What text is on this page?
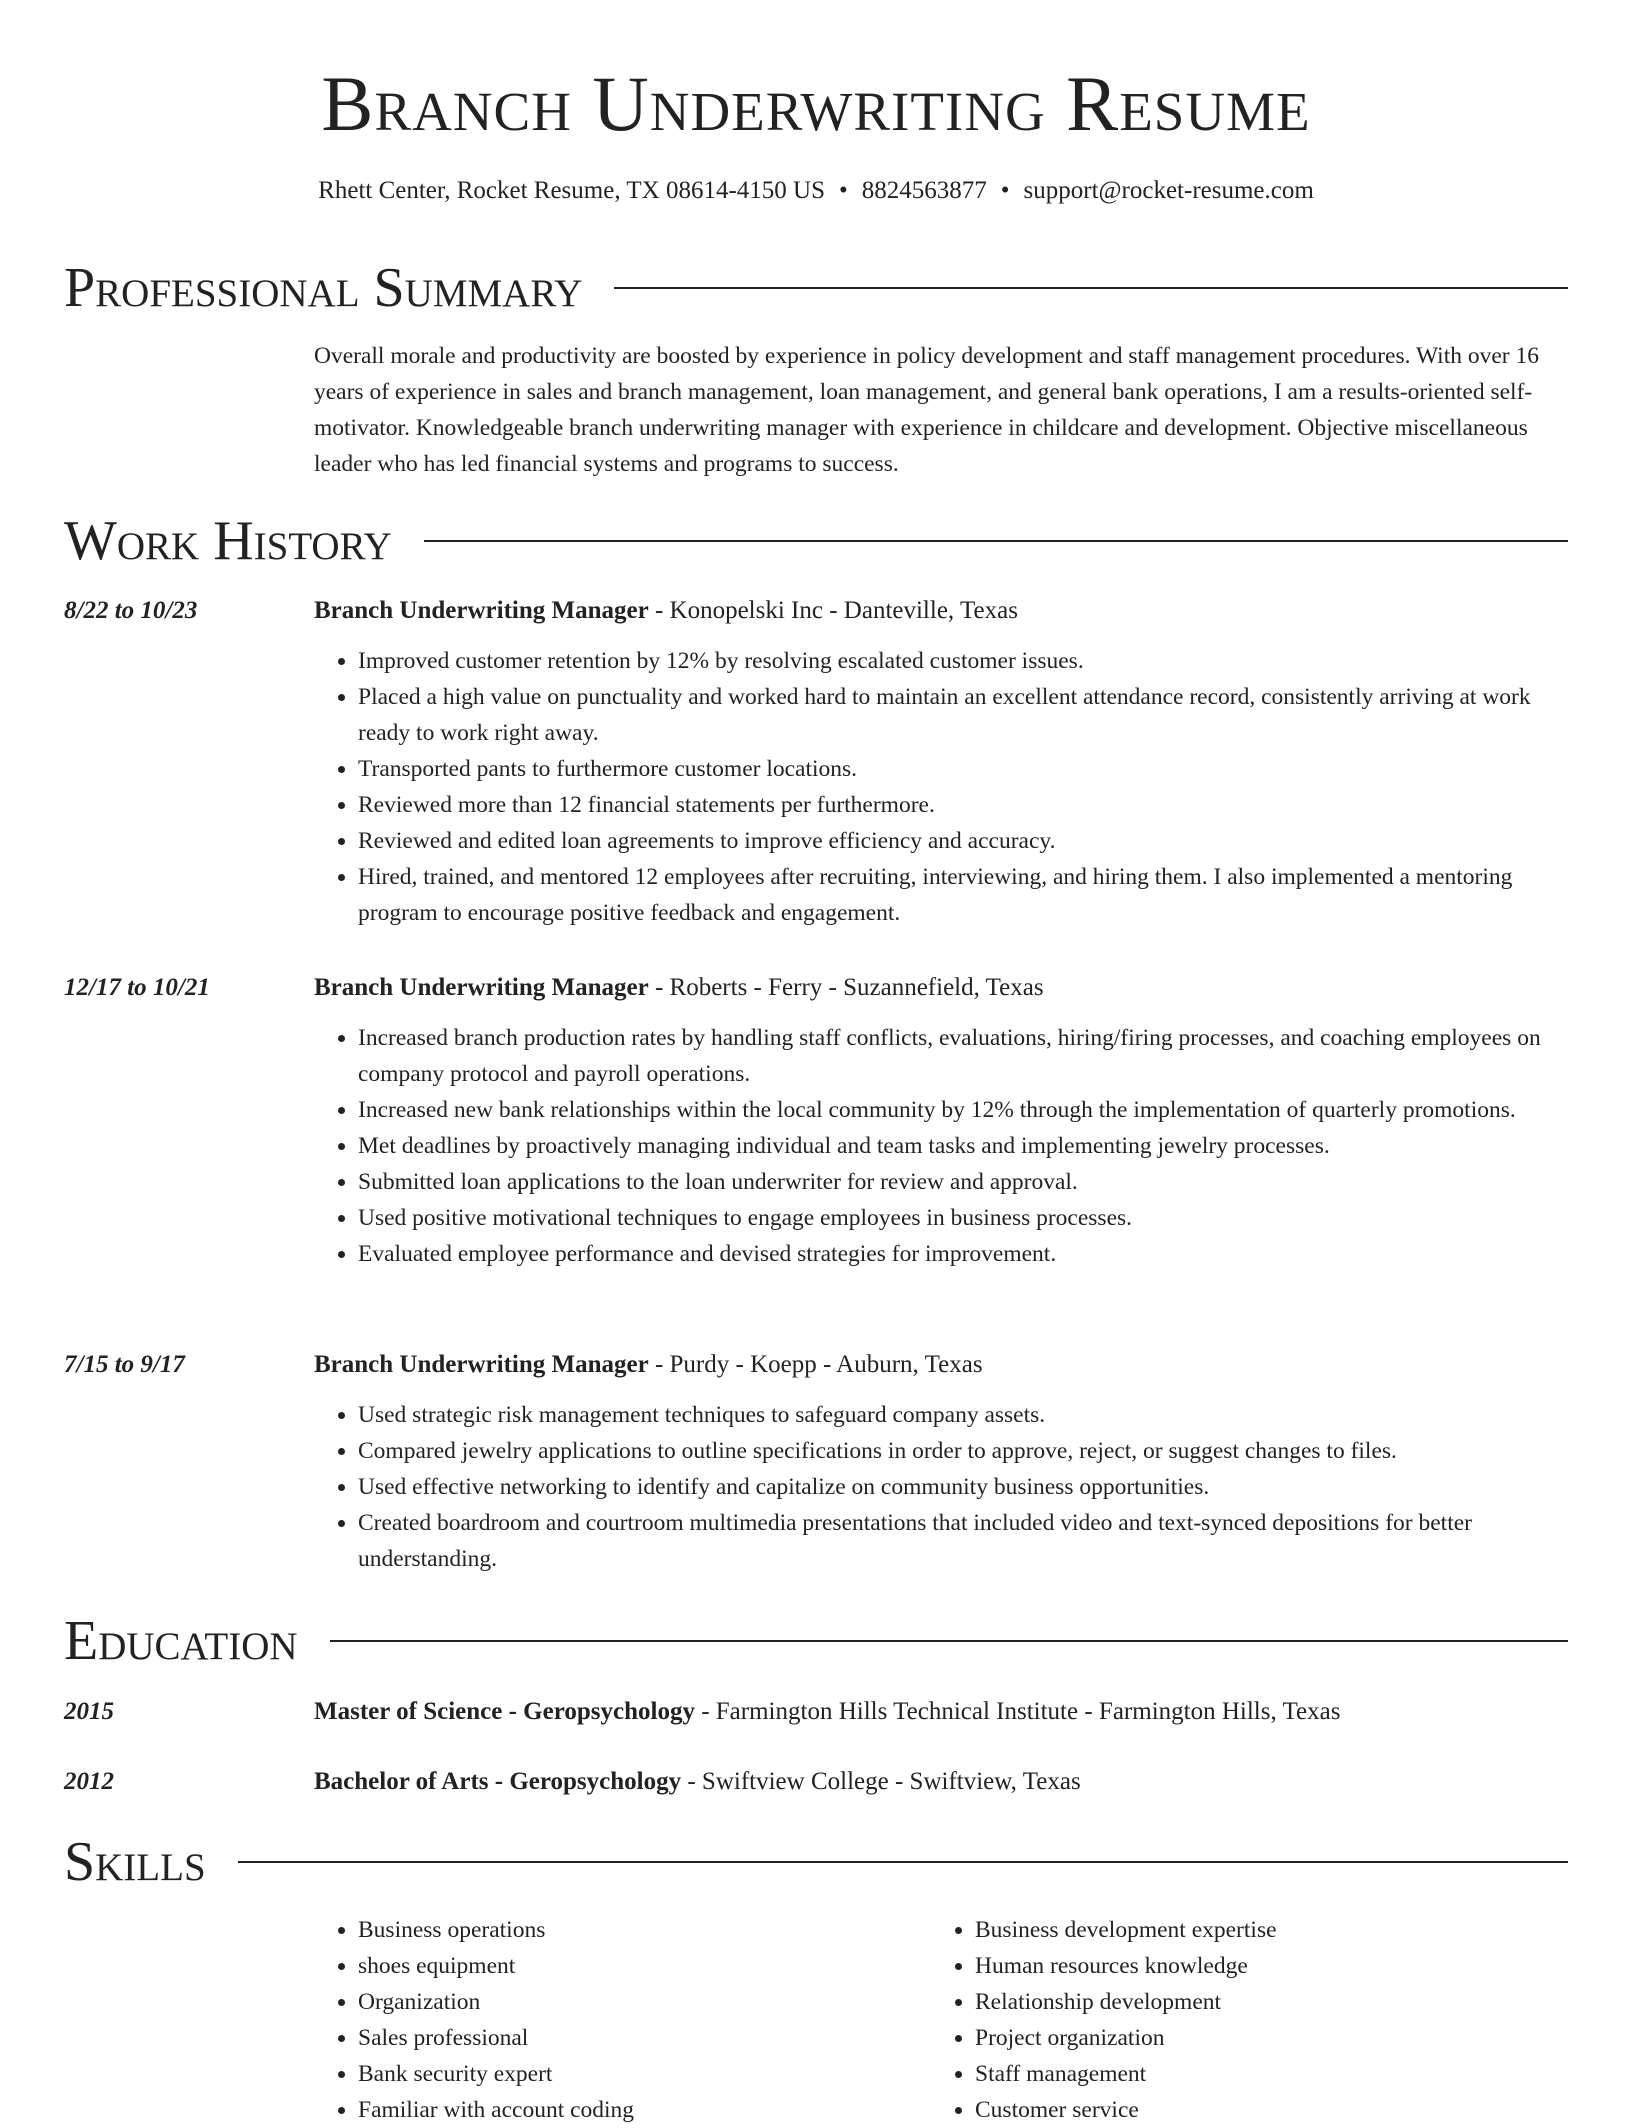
Branch Underwriting Resume
Rhett Center, Rocket Resume, TX 08614-4150 US • 8824563877 • support@rocket-resume.com
Professional Summary

Overall morale and productivity are boosted by experience in policy development and staff management procedures. With over 16 years of experience in sales and branch management, loan management, and general bank operations, I am a results-oriented self-motivator. Knowledgeable branch underwriting manager with experience in childcare and development. Objective miscellaneous leader who has led financial systems and programs to success.

Work History
8/22 to 10/23	Branch Underwriting Manager - Konopelski Inc - Danteville, Texas
• Improved customer retention by 12% by resolving escalated customer issues.
• Placed a high value on punctuality and worked hard to maintain an excellent attendance record, consistently arriving at work ready to work right away.
• Transported pants to furthermore customer locations.
• Reviewed more than 12 financial statements per furthermore.
• Reviewed and edited loan agreements to improve efficiency and accuracy.
• Hired, trained, and mentored 12 employees after recruiting, interviewing, and hiring them. I also implemented a mentoring program to encourage positive feedback and engagement.
12/17 to 10/21	Branch Underwriting Manager - Roberts - Ferry - Suzannefield, Texas
• Increased branch production rates by handling staff conflicts, evaluations, hiring/firing processes, and coaching employees on company protocol and payroll operations.
• Increased new bank relationships within the local community by 12% through the implementation of quarterly promotions.
• Met deadlines by proactively managing individual and team tasks and implementing jewelry processes.
• Submitted loan applications to the loan underwriter for review and approval.
• Used positive motivational techniques to engage employees in business processes.
• Evaluated employee performance and devised strategies for improvement.
7/15 to 9/17	Branch Underwriting Manager - Purdy - Koepp - Auburn, Texas
• Used strategic risk management techniques to safeguard company assets.
• Compared jewelry applications to outline specifications in order to approve, reject, or suggest changes to files.
• Used effective networking to identify and capitalize on community business opportunities.
• Created boardroom and courtroom multimedia presentations that included video and text-synced depositions for better understanding.
Education
2015	Master of Science - Geropsychology - Farmington Hills Technical Institute - Farmington Hills, Texas
2012	Bachelor of Arts - Geropsychology - Swiftview College - Swiftview, Texas
Skills
• Business operations
• shoes equipment
• Organization
• Sales professional
• Bank security expert
• Familiar with account coding
• Business development expertise
• Human resources knowledge
• Relationship development
• Project organization
• Staff management
• Customer service
